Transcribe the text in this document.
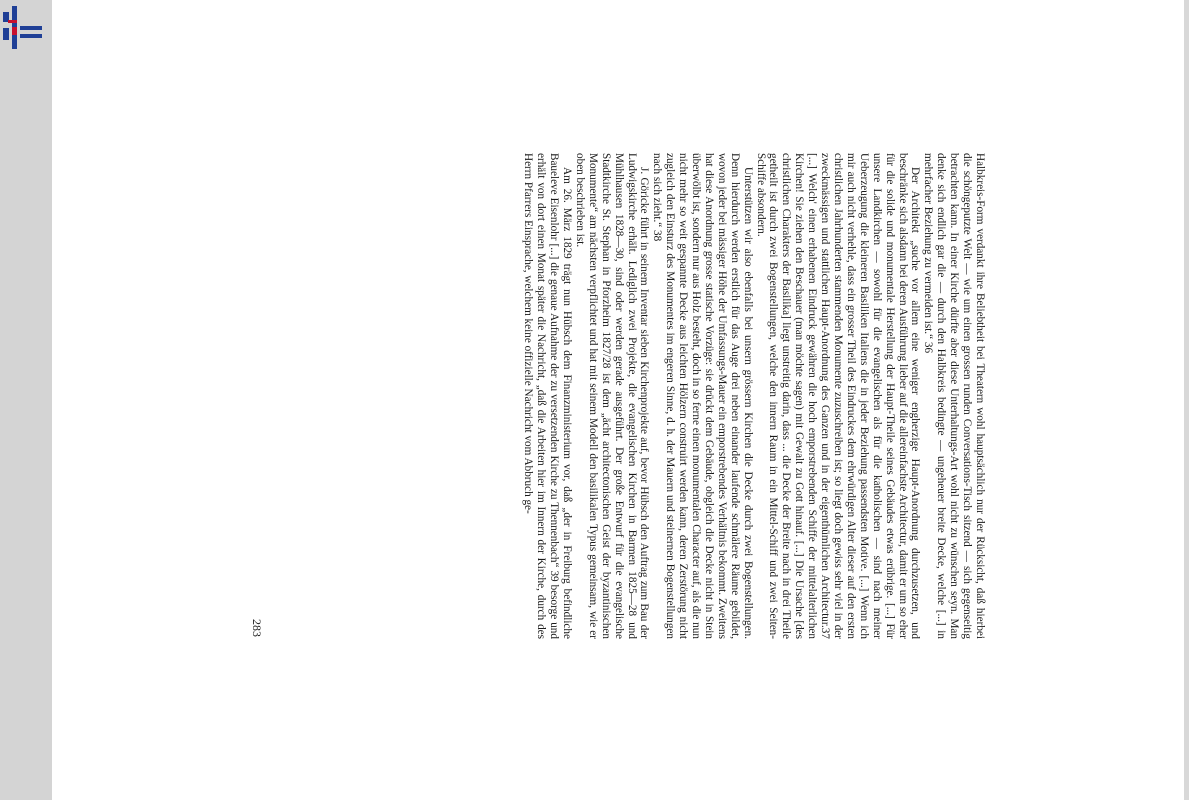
Halbkreis-Form verdankt ihre Beliebtheit bei Theatern wohl hauptsächlich nur der Rücksicht, daß hierbei die schöngeputzte Welt — wie um einen grossen runden Conversations-Tisch sitzend — sich gegenseitig betrachten kann. In einer Kirche dürfte aber diese Unterhaltungs-Art wohl nicht zu wünschen seyn. Man denke sich endlich gar die — durch den Halbkreis bedingte — ungeheuer breite Decke, welche [...] in mehrfacher Beziehung zu vermeiden ist.“ 36

Der Architekt „suche vor allem eine weniger engherzige Haupt-Anordnung durchzusetzen, und beschränke sich alsdann bei deren Ausführung lieber auf die allereinfachste Architectur, damit er um so eher für die solide und monumentale Herstellung der Haupt-Theile seines Gebäudes etwas erübrige. [...] Für unsere Landkirchen — sowohl für die evangelischen als für die katholischen — sind nach meiner Ueberzeugung die kleineren Basiliken Italiens die in jeder Beziehung passendsten Motive. [...] Wenn ich mir auch nicht verhehle, dass ein grosser Theil des Eindruckes dem ehrwürdigen Alter dieser auf den ersten christlichen Jahrhunderten stammenden Monumente zuzuschreiben ist; so liegt doch gewiss sehr viel in der zweckmässigen und stattlichen Haupt-Anordnung des Ganzen und in der eigenthümlichen Architectur.37 [...] Welch' einen erhabenen Eindruck gewähren die hoch emporstrebenden Schiffe der mittelalterlichen Kirchen! Sie ziehen den Beschauer (man möchte sagen) mit Gewalt zu Gott hinauf. [...] Die Ursache [des christlichen Charakters der Basilika] liegt unstreitig darin, dass ... die Decke der Breite nach in drei Theile getheilt ist durch zwei Bogenstellungen, welche den innern Raum in ein Mittel-Schiff und zwei Seiten-Schiffe absondern.

Unterstützen wir also ebenfalls bei unsern grössern Kirchen die Decke durch zwei Bogenstellungen. Denn hierdurch werden erstlich für das Auge drei neben einander laufende schmälere Räume gebildet, wovon jeder bei mässiger Höhe der Umfassungs-Mauer ein emporstrebendes Verhältnis bekommt. Zweitens hat diese Anordnung grosse statische Vorzüge: sie drückt dem Gebäude, obgleich die Decke nicht in Stein überwölbt ist, sondern nur aus Holz besteht, doch in so ferne einen monumentalen Character auf, als die nun nicht mehr so weit gespannte Decke aus leichten Hölzern construirt werden kann, deren Zerstörung nicht zugleich den Einsturz des Monumentes im engeren Sinne, d. h. der Mauern und steinernen Bogenstellungen nach sich zieht.“ 38

J. Göricke führt in seinem Inventar sieben Kirchenprojekte auf, bevor Hübsch den Auftrag zum Bau der Ludwigskirche erhält. Lediglich zwei Projekte, die evangelischen Kirchen in Barmen 1825—28 und Mühlhausen 1828—30, sind oder werden gerade ausgeführt. Der große Entwurf für die evangelische Stadtkirche St. Stephan in Pforzheim 1827/28 ist dem „ächt architectonischen Geist der byzantinischen Monumente“ am nächsten verpflichtet und hat mit seinem Modell den basilikalen Typus gemeinsam, wie er oben beschrieben ist.

Am 26. März 1829 trägt nun Hübsch dem Finanzministerium vor, daß „der in Freiburg befindliche Baueleve Eisenlohr [...] die genaue Aufnahme der zu versetzenden Kirche zu Thennenbach“ 39 besorge und erhält von dort einen Monat später die Nachricht, „daß die Arbeiten hier im Innern der Kirche, durch des Herrn Pfarrers Einsprache, welchem keine offizielle Nachricht vom Abbruch ge-

283
